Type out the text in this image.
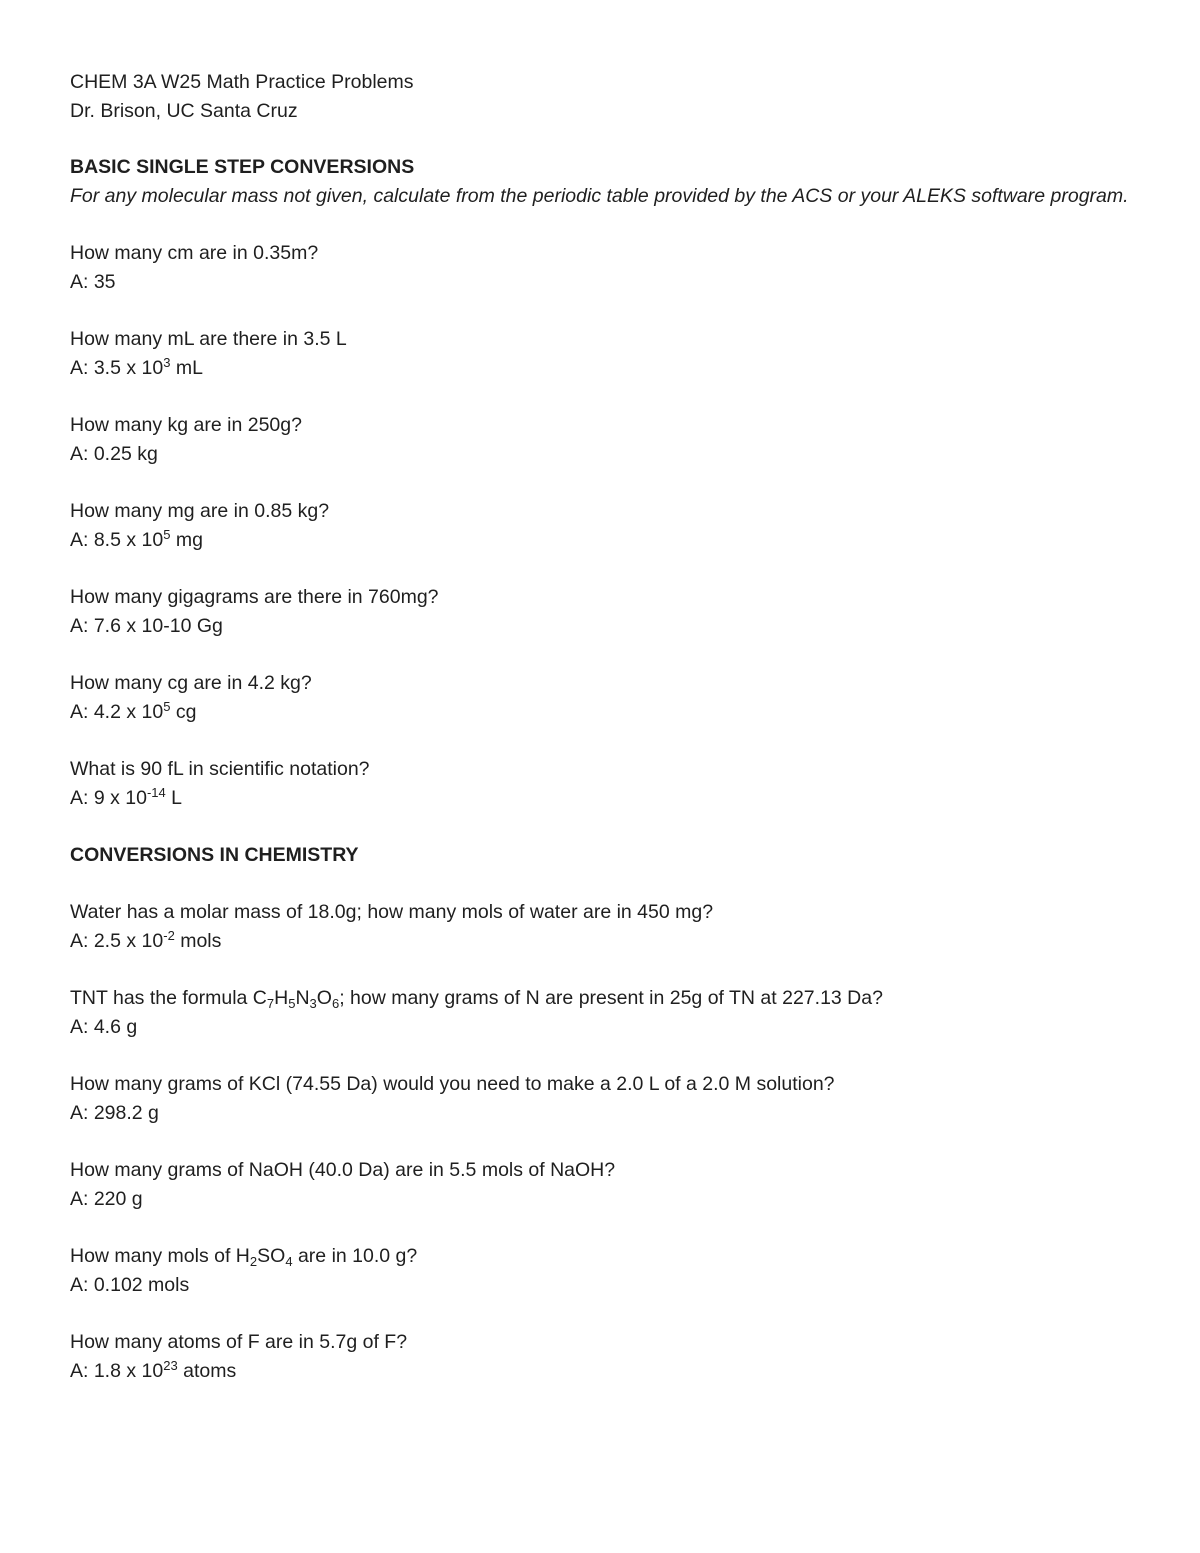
CHEM 3A W25 Math Practice Problems
Dr. Brison, UC Santa Cruz
BASIC SINGLE STEP CONVERSIONS
For any molecular mass not given, calculate from the periodic table provided by the ACS or your ALEKS software program.
How many cm are in 0.35m?
A: 35
How many mL are there in 3.5 L
A: 3.5 x $10^3$ mL
How many kg are in 250g?
A: 0.25 kg
How many mg are in 0.85 kg?
A: 8.5 x $10^5$ mg
How many gigagrams are there in 760mg?
A: 7.6 x 10-10 Gg
How many cg are in 4.2 kg?
A: 4.2 x $10^5$ cg
What is 90 fL in scientific notation?
A: 9 x $10^{-14}$ L
CONVERSIONS IN CHEMISTRY
Water has a molar mass of 18.0g; how many mols of water are in 450 mg?
A: 2.5 x $10^{-2}$ mols
TNT has the formula $C_7H_5N_3O_6$; how many grams of N are present in 25g of TN at 227.13 Da?
A: 4.6 g
How many grams of KCl (74.55 Da) would you need to make a 2.0 L of a 2.0 M solution?
A: 298.2 g
How many grams of NaOH (40.0 Da) are in 5.5 mols of NaOH?
A: 220 g
How many mols of $H_2SO_4$ are in 10.0 g?
A: 0.102 mols
How many atoms of F are in 5.7g of F?
A: 1.8 x $10^{23}$ atoms
